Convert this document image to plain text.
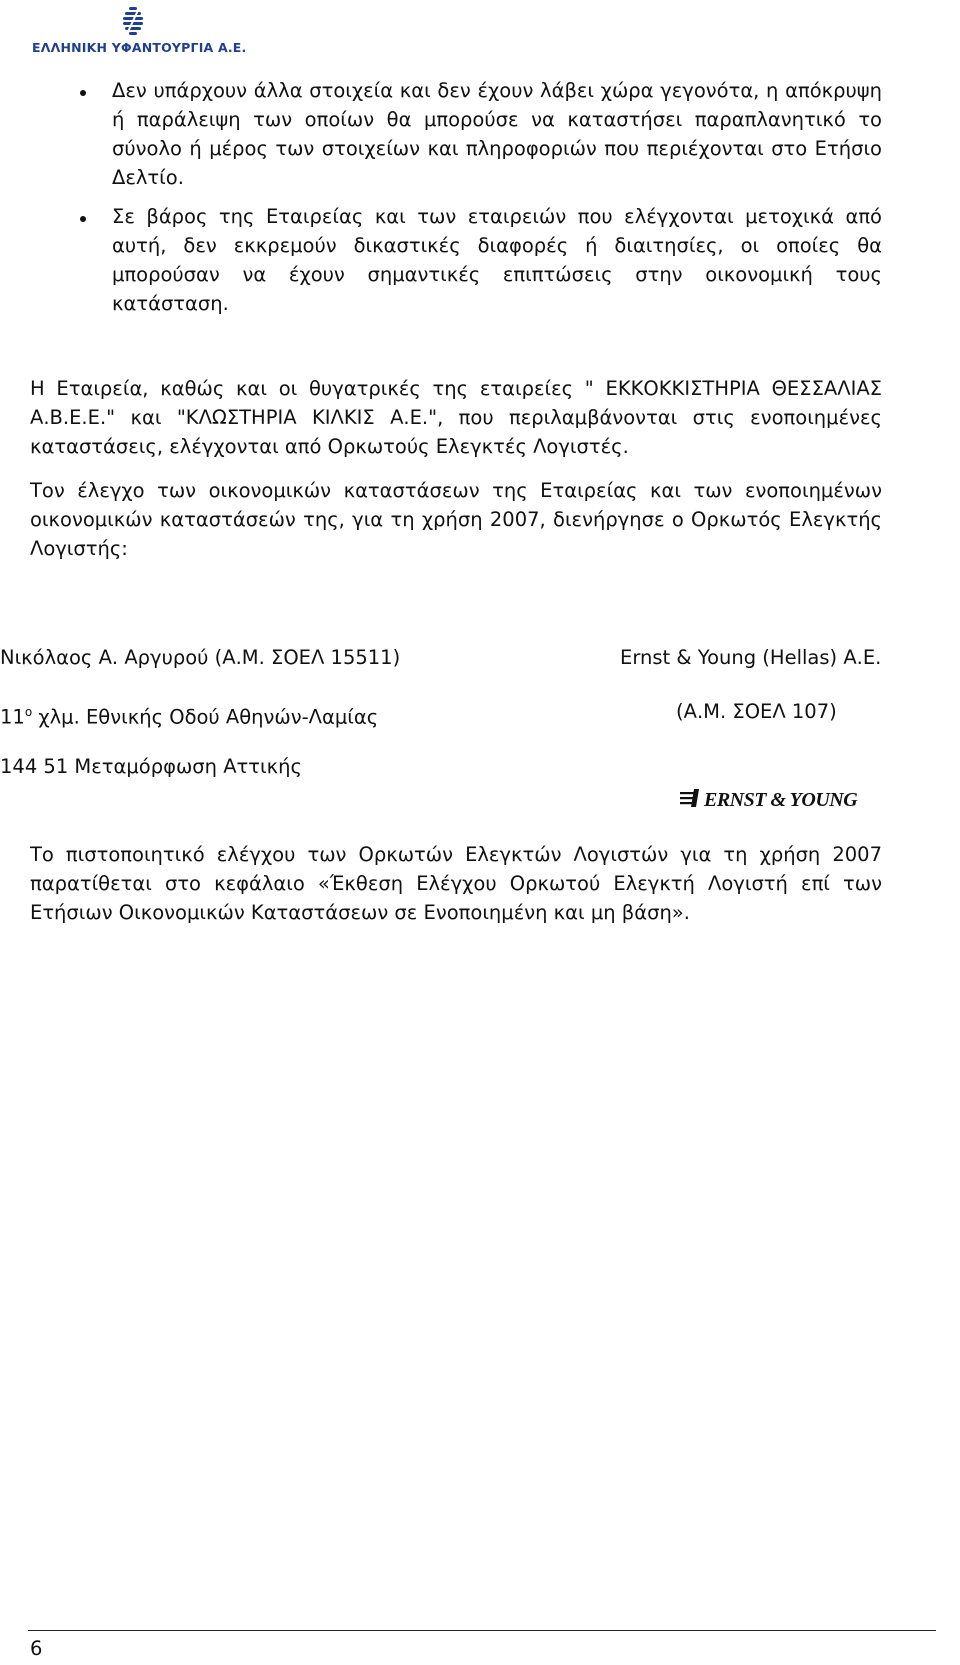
ΕΛΛΗΝΙΚΗ ΥΦΑΝΤΟΥΡΓΙΑ Α.Ε.

Δεν υπάρχουν άλλα στοιχεία και δεν έχουν λάβει χώρα γεγονότα, η απόκρυψη ή παράλειψη των οποίων θα μπορούσε να καταστήσει παραπλανητικό το σύνολο ή μέρος των στοιχείων και πληροφοριών που περιέχονται στο Ετήσιο Δελτίο.

Σε βάρος της Εταιρείας και των εταιρειών που ελέγχονται μετοχικά από αυτή, δεν εκκρεμούν δικαστικές διαφορές ή διαιτησίες, οι οποίες θα μπορούσαν να έχουν σημαντικές επιπτώσεις στην οικονομική τους κατάσταση.

Η Εταιρεία, καθώς και οι θυγατρικές της εταιρείες " ΕΚΚΟΚΚΙΣΤΗΡΙΑ ΘΕΣΣΑΛΙΑΣ Α.Β.Ε.Ε." και "ΚΛΩΣΤΗΡΙΑ ΚΙΛΚΙΣ Α.Ε.", που περιλαμβάνονται στις ενοποιημένες καταστάσεις, ελέγχονται από Ορκωτούς Ελεγκτές Λογιστές.

Τον έλεγχο των οικονομικών καταστάσεων της Εταιρείας και των ενοποιημένων οικονομικών καταστάσεών της, για τη χρήση 2007, διενήργησε ο Ορκωτός Ελεγκτής Λογιστής:

Νικόλαος Α. Αργυρού (Α.Μ. ΣΟΕΛ 15511)	Ernst & Young (Hellas) Α.Ε.
11$^o$ χλμ. Εθνικής Οδού Αθηνών-Λαμίας	(Α.Μ. ΣΟΕΛ 107)
144 51 Μεταμόρφωση Αττικής
ERNST & YOUNG

Το πιστοποιητικό ελέγχου των Ορκωτών Ελεγκτών Λογιστών για τη χρήση 2007 παρατίθεται στο κεφάλαιο «Έκθεση Ελέγχου Ορκωτού Ελεγκτή Λογιστή επί των Ετήσιων Οικονομικών Καταστάσεων σε Ενοποιημένη και μη βάση».

6
